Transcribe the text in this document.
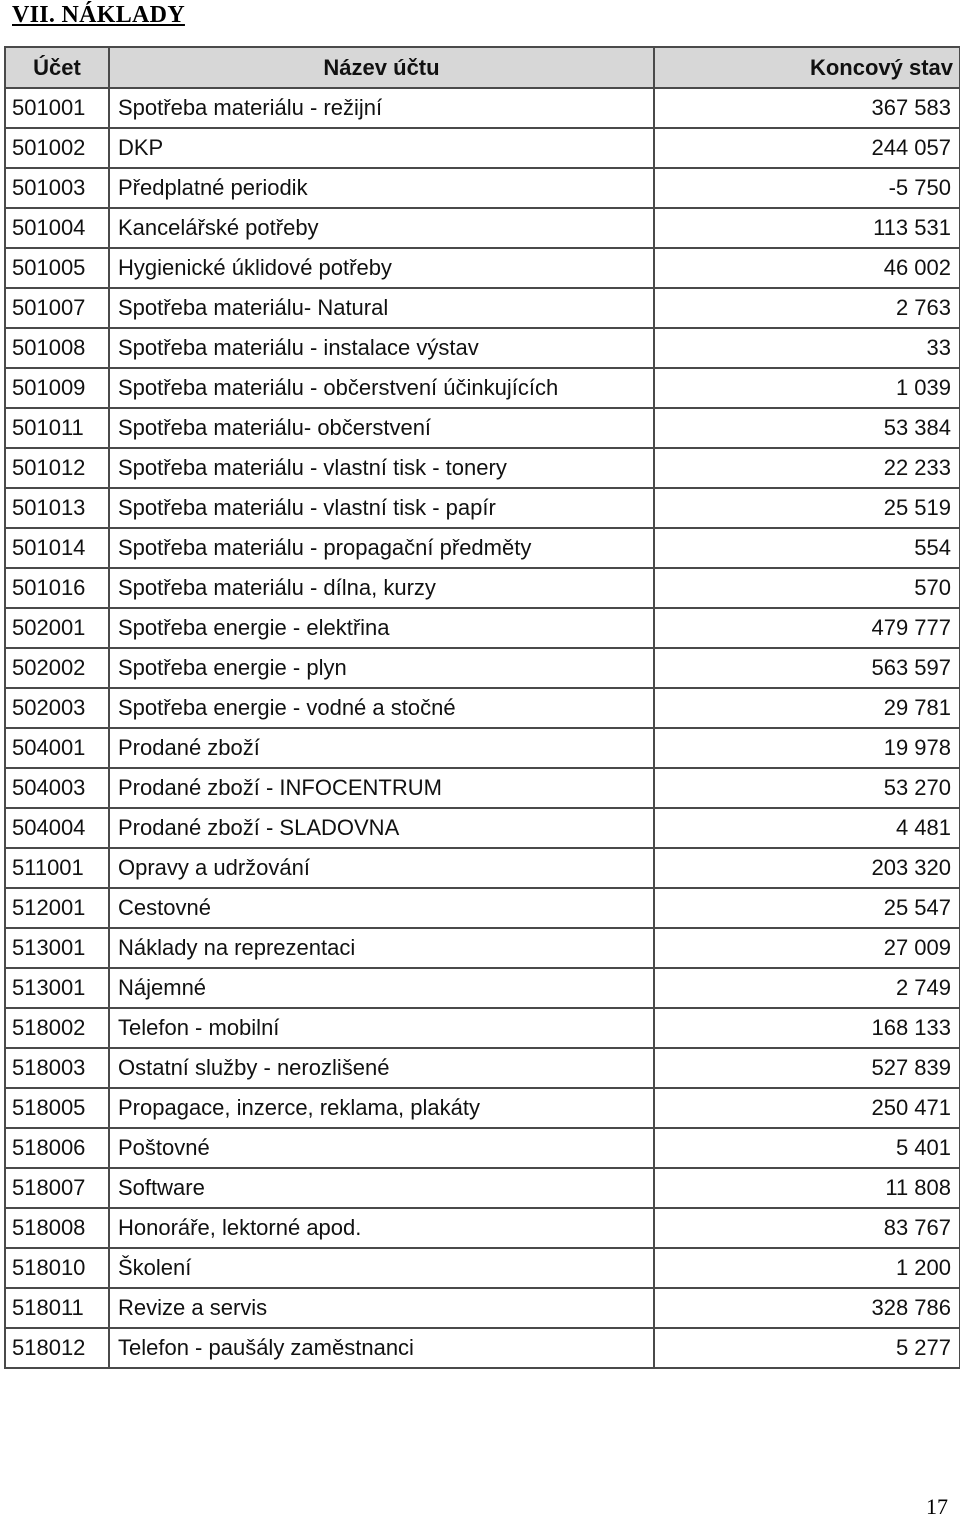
VII. NÁKLADY
Účet	Název účtu	Koncový stav
501001	Spotřeba materiálu - režijní	367 583
501002	DKP	244 057
501003	Předplatné periodik	-5 750
501004	Kancelářské potřeby	113 531
501005	Hygienické úklidové potřeby	46 002
501007	Spotřeba materiálu- Natural	2 763
501008	Spotřeba materiálu - instalace výstav	33
501009	Spotřeba materiálu - občerstvení účinkujících	1 039
501011	Spotřeba materiálu- občerstvení	53 384
501012	Spotřeba materiálu - vlastní tisk - tonery	22 233
501013	Spotřeba materiálu - vlastní tisk - papír	25 519
501014	Spotřeba materiálu - propagační předměty	554
501016	Spotřeba materiálu - dílna, kurzy	570
502001	Spotřeba energie - elektřina	479 777
502002	Spotřeba energie - plyn	563 597
502003	Spotřeba energie - vodné a stočné	29 781
504001	Prodané zboží	19 978
504003	Prodané zboží - INFOCENTRUM	53 270
504004	Prodané zboží - SLADOVNA	4 481
511001	Opravy a udržování	203 320
512001	Cestovné	25 547
513001	Náklady na reprezentaci	27 009
513001	Nájemné	2 749
518002	Telefon - mobilní	168 133
518003	Ostatní služby - nerozlišené	527 839
518005	Propagace, inzerce, reklama, plakáty	250 471
518006	Poštovné	5 401
518007	Software	11 808
518008	Honoráře, lektorné apod.	83 767
518010	Školení	1 200
518011	Revize a servis	328 786
518012	Telefon - paušály zaměstnanci	5 277
17
